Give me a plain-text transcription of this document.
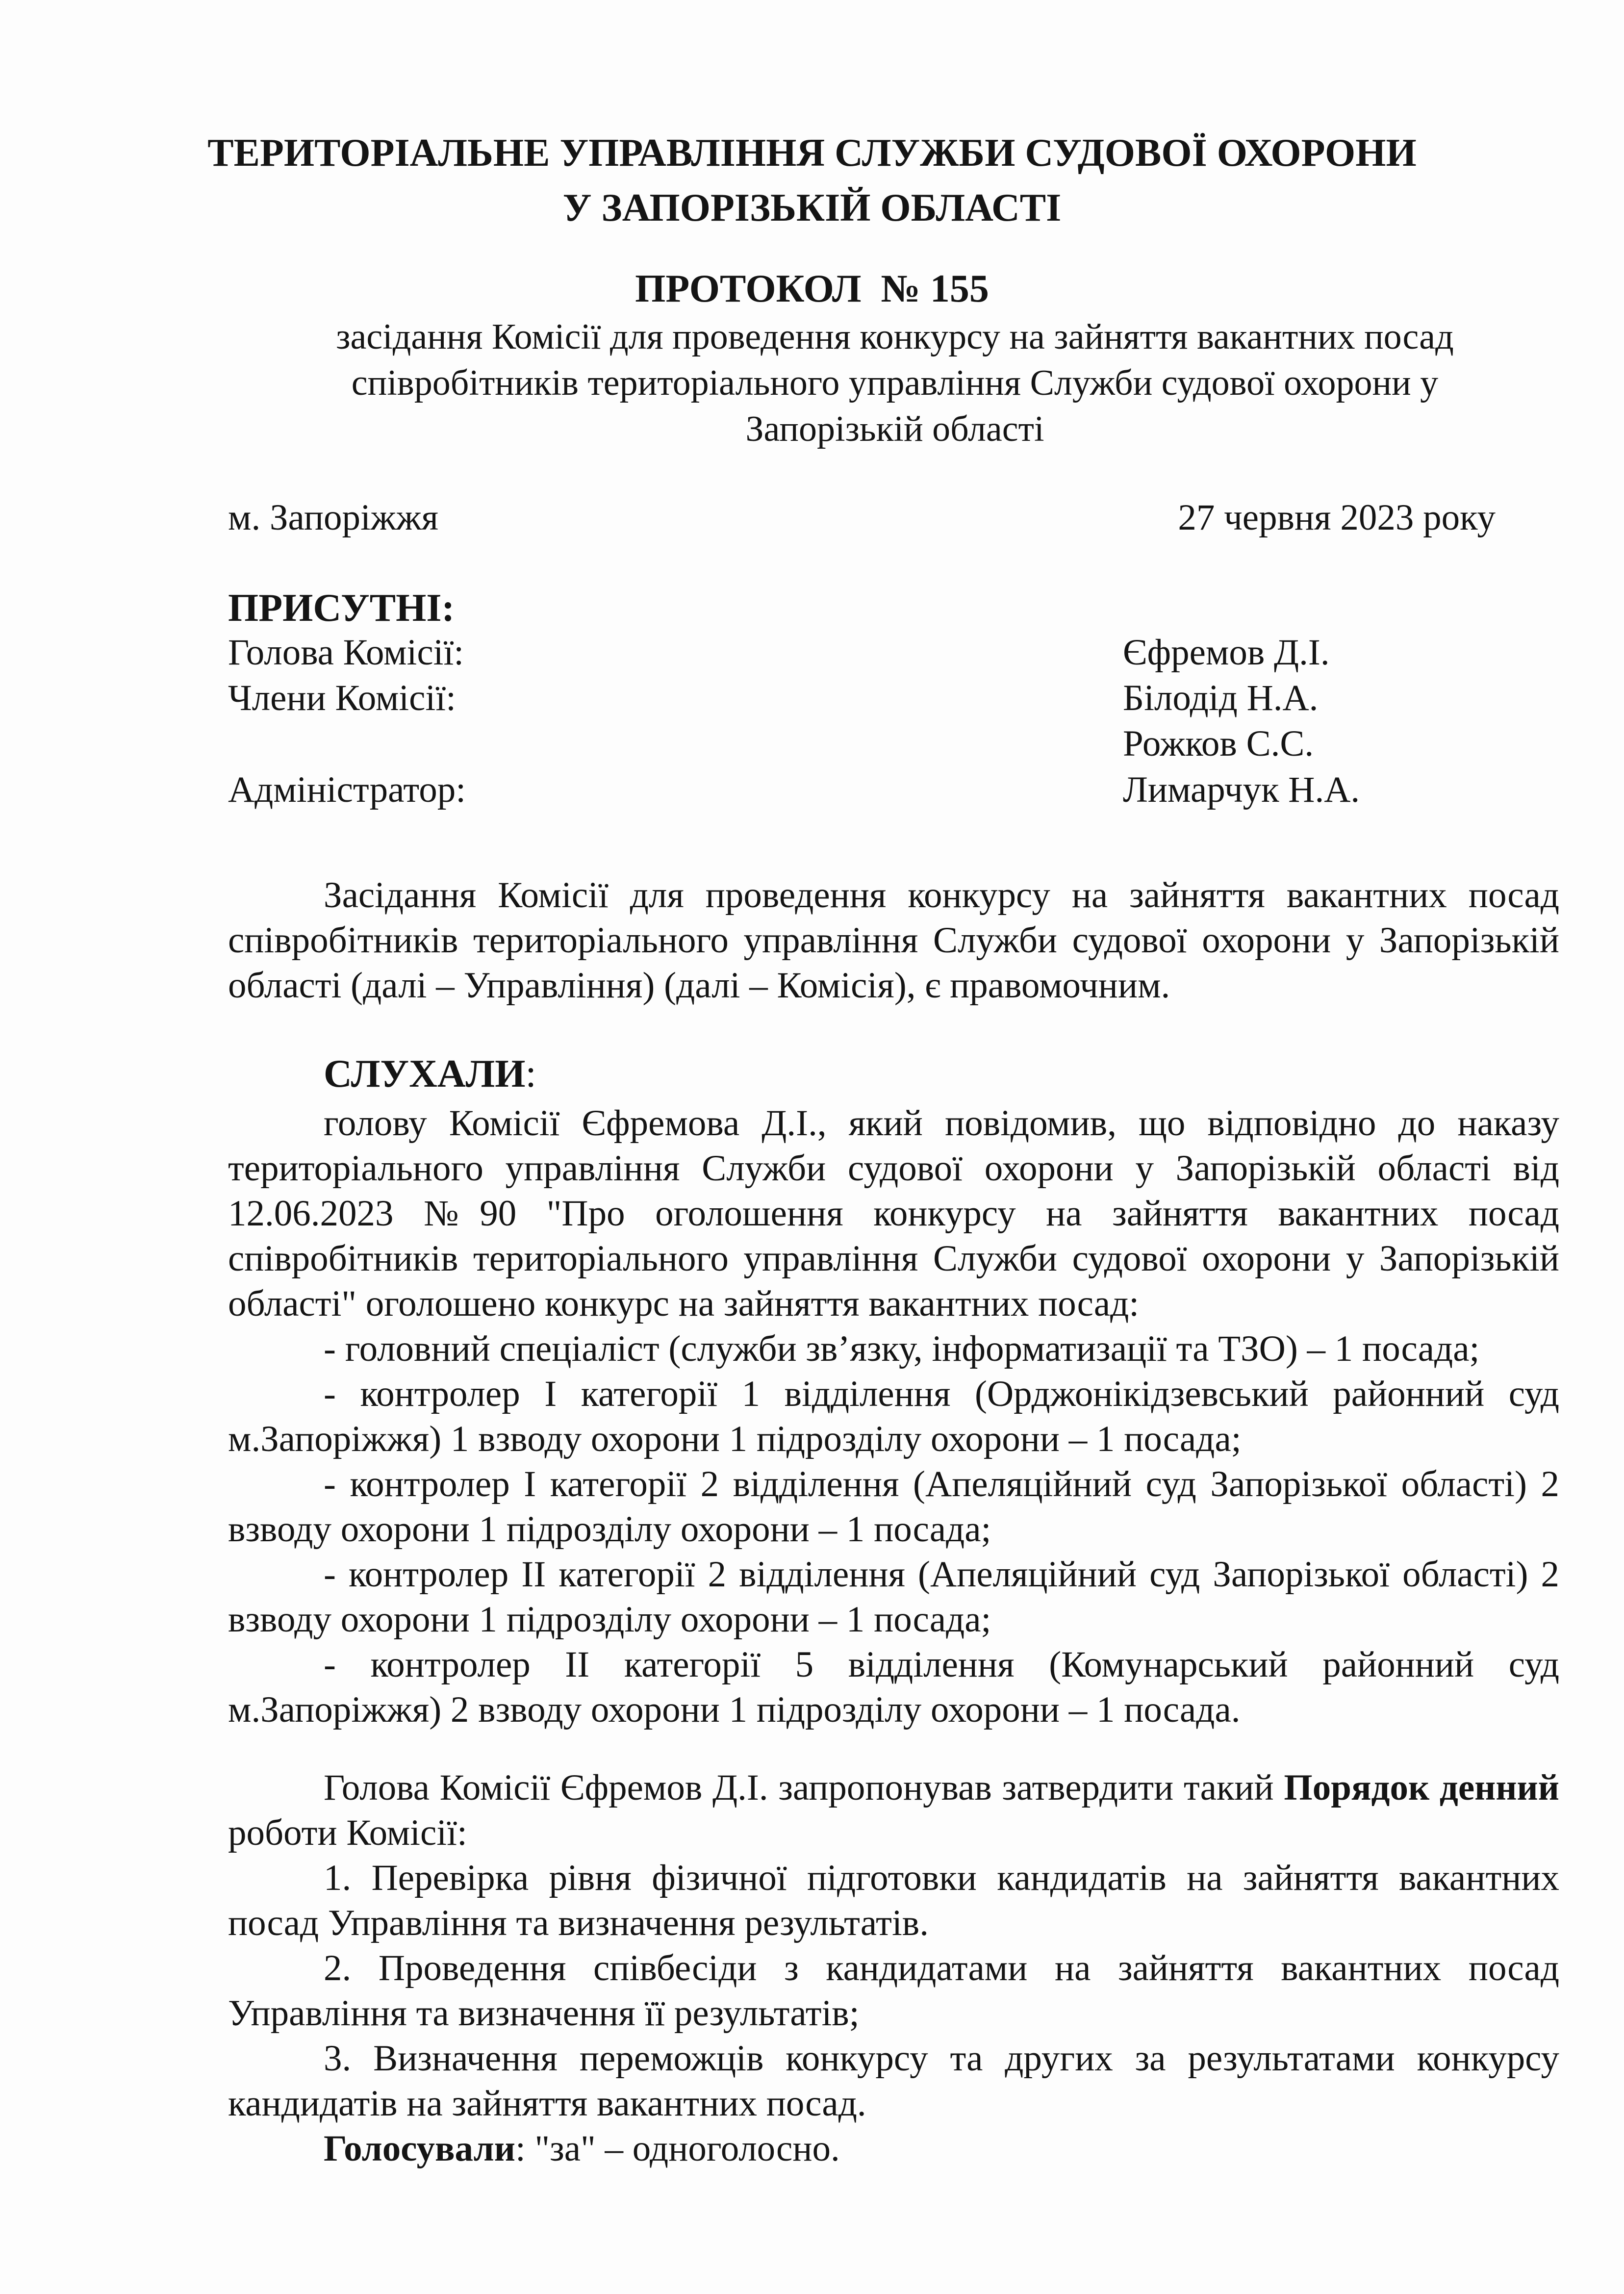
ТЕРИТОРІАЛЬНЕ УПРАВЛІННЯ СЛУЖБИ СУДОВОЇ ОХОРОНИ
У ЗАПОРІЗЬКІЙ ОБЛАСТІ
ПРОТОКОЛ  № 155
засідання Комісії для проведення конкурсу на зайняття вакантних посад
співробітників територіального управління Служби судової охорони у
Запорізькій області
м. Запоріжжя	27 червня 2023 року
ПРИСУТНІ:
Голова Комісії:	Єфремов Д.І.
Члени Комісії:	Білодід Н.А.
Рожков С.С.
Адміністратор:	Лимарчук Н.А.

Засідання Комісії для проведення конкурсу на зайняття вакантних посад співробітників територіального управління Служби судової охорони у Запорізькій області (далі – Управління) (далі – Комісія), є правомочним.

СЛУХАЛИ:

голову Комісії Єфремова Д.І., який повідомив, що відповідно до наказу територіального управління Служби судової охорони у Запорізькій області від 12.06.2023 №90 "Про оголошення конкурсу на зайняття вакантних посад співробітників територіального управління Служби судової охорони у Запорізькій області" оголошено конкурс на зайняття вакантних посад:

- головний спеціаліст (служби зв’язку, інформатизації та ТЗО) – 1 посада;

- контролер І категорії 1 відділення (Орджонікідзевський районний суд м.Запоріжжя) 1 взводу охорони 1 підрозділу охорони – 1 посада;

- контролер І категорії 2 відділення (Апеляційний суд Запорізької області) 2 взводу охорони 1 підрозділу охорони – 1 посада;

- контролер ІІ категорії 2 відділення (Апеляційний суд Запорізької області) 2 взводу охорони 1 підрозділу охорони – 1 посада;

- контролер ІІ категорії 5 відділення (Комунарський районний суд м.Запоріжжя) 2 взводу охорони 1 підрозділу охорони – 1 посада.

Голова Комісії Єфремов Д.І. запропонував затвердити такий Порядок денний роботи Комісії:

1. Перевірка рівня фізичної підготовки кандидатів на зайняття вакантних посад Управління та визначення результатів.

2. Проведення співбесіди з кандидатами на зайняття вакантних посад Управління та визначення її результатів;

3. Визначення переможців конкурсу та других за результатами конкурсу кандидатів на зайняття вакантних посад.

Голосували: "за" – одноголосно.
